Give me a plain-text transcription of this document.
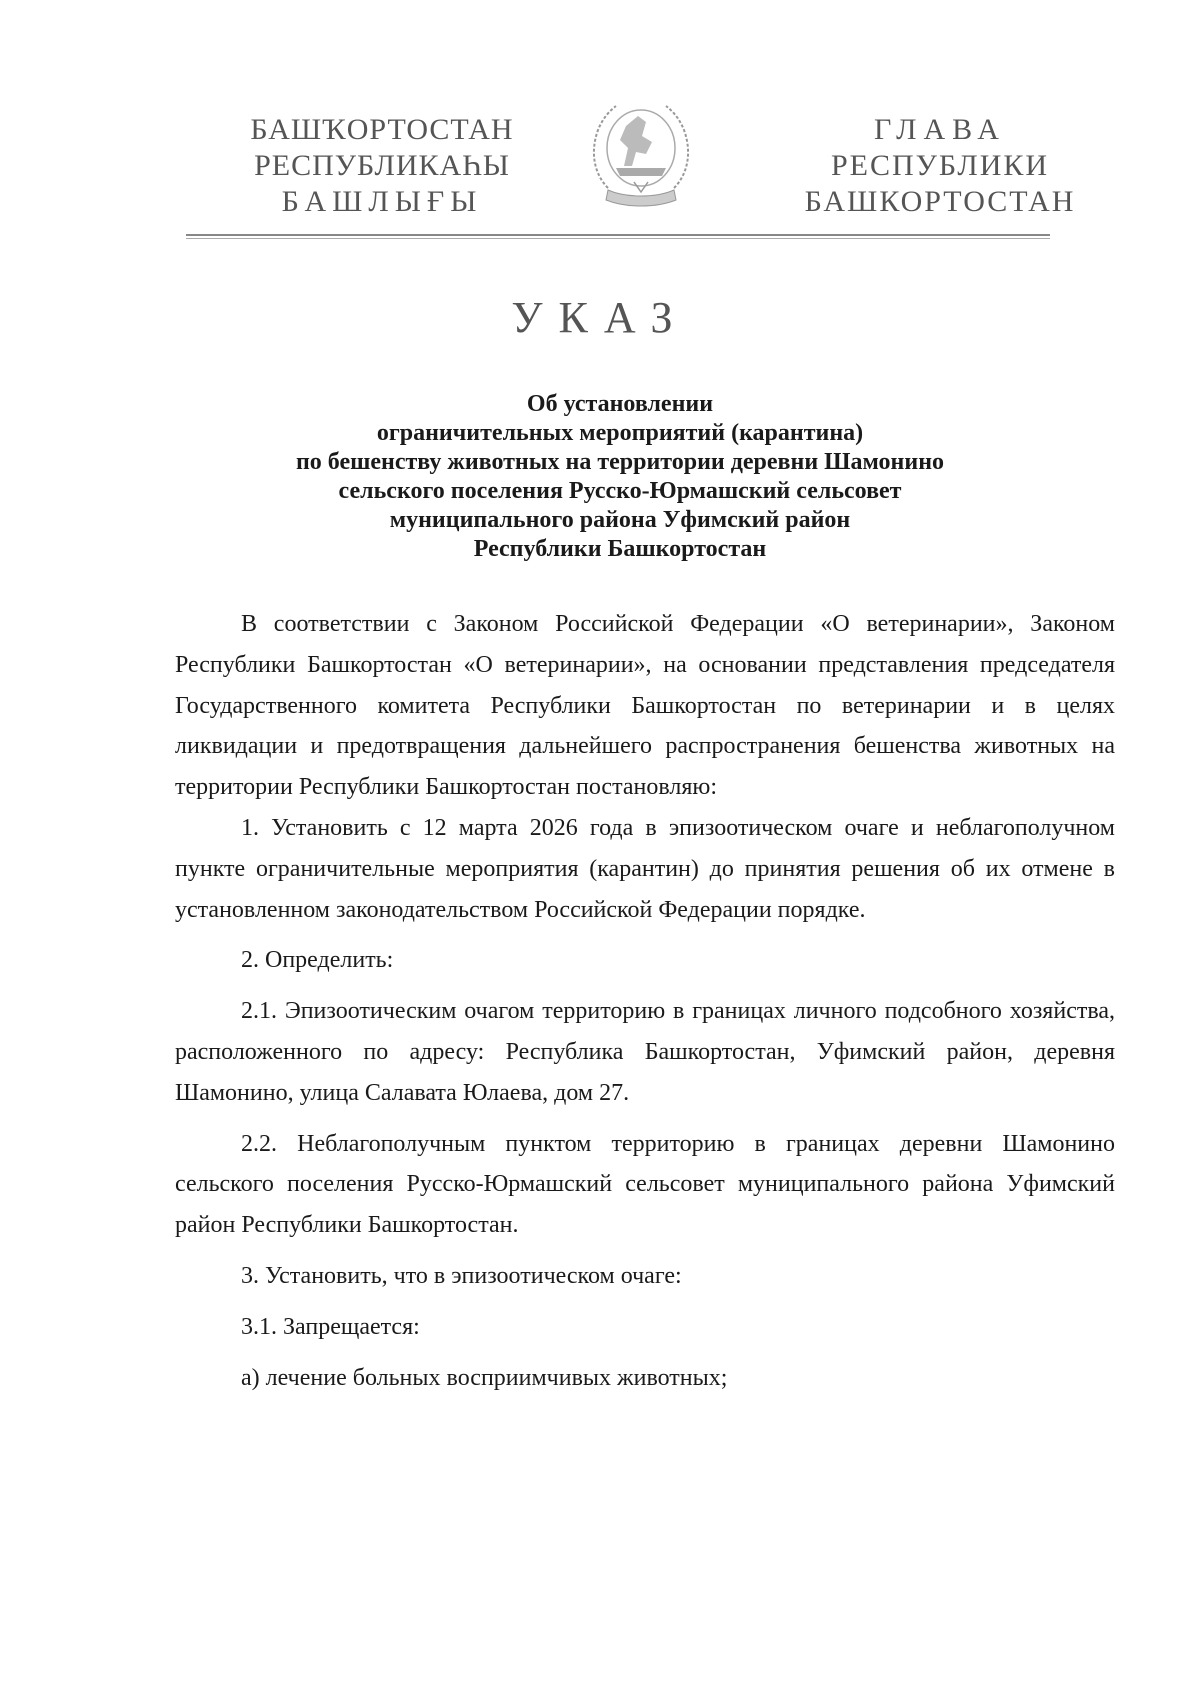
БАШҠОРТОСТАН
РЕСПУБЛИКАҺЫ
БАШЛЫҒЫ
ГЛАВА
РЕСПУБЛИКИ
БАШКОРТОСТАН
УКАЗ
Об установлении
ограничительных мероприятий (карантина)
по бешенству животных на территории деревни Шамонино
сельского поселения Русско-Юрмашский сельсовет
муниципального района Уфимский район
Республики Башкортостан

В соответствии с Законом Российской Федерации «О ветеринарии», Законом Республики Башкортостан «О ветеринарии», на основании представления председателя Государственного комитета Республики Башкортостан по ветеринарии и в целях ликвидации и предотвращения дальнейшего распространения бешенства животных на территории Республики Башкортостан постановляю:

1. Установить с 12 марта 2026 года в эпизоотическом очаге и неблагополучном пункте ограничительные мероприятия (карантин) до принятия решения об их отмене в установленном законодательством Российской Федерации порядке.

2. Определить:

2.1. Эпизоотическим очагом территорию в границах личного подсобного хозяйства, расположенного по адресу: Республика Башкортостан, Уфимский район, деревня Шамонино, улица Салавата Юлаева, дом 27.

2.2. Неблагополучным пунктом территорию в границах деревни Шамонино сельского поселения Русско-Юрмашский сельсовет муниципального района Уфимский район Республики Башкортостан.

3. Установить, что в эпизоотическом очаге:

3.1. Запрещается:

а) лечение больных восприимчивых животных;
